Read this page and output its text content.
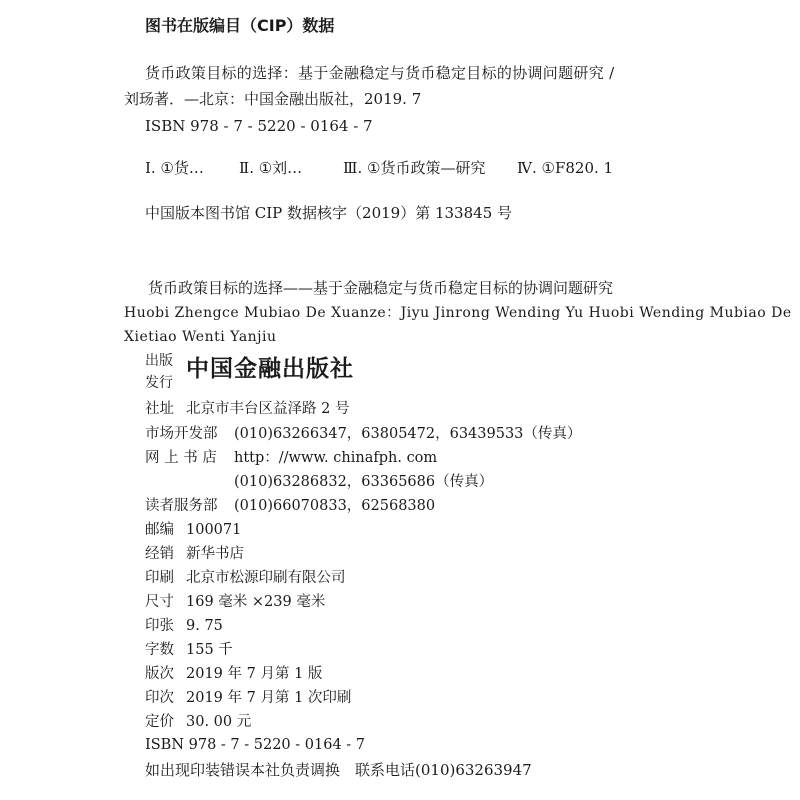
图书在版编目（CIP）数据
货币政策目标的选择：基于金融稳定与货币稳定目标的协调问题研究 /
刘玚著．—北京：中国金融出版社，2019. 7
ISBN 978 - 7 - 5220 - 0164 - 7
Ⅰ. ①货… Ⅱ. ①刘…	Ⅲ. ①货币政策—研究 Ⅳ. ①F820. 1
中国版本图书馆 CIP 数据核字（2019）第 133845 号
货币政策目标的选择——基于金融稳定与货币稳定目标的协调问题研究
Huobi Zhengce Mubiao De Xuanze：Jiyu Jinrong Wending Yu Huobi Wending Mubiao De
Xietiao Wenti Yanjiu
出版
发行
中国金融出版社
社址 北京市丰台区益泽路 2 号
市场开发部 (010)63266347，63805472，63439533（传真）
网 上 书 店 http：//www. chinafph. com
(010)63286832，63365686（传真）
读者服务部 (010)66070833，62568380
邮编 100071
经销 新华书店
印刷 北京市松源印刷有限公司
尺寸 169 毫米 ×239 毫米
印张 9. 75
字数 155 千
版次 2019 年 7 月第 1 版
印次 2019 年 7 月第 1 次印刷
定价 30. 00 元
ISBN 978 - 7 - 5220 - 0164 - 7
如出现印装错误本社负责调换　联系电话(010)63263947
